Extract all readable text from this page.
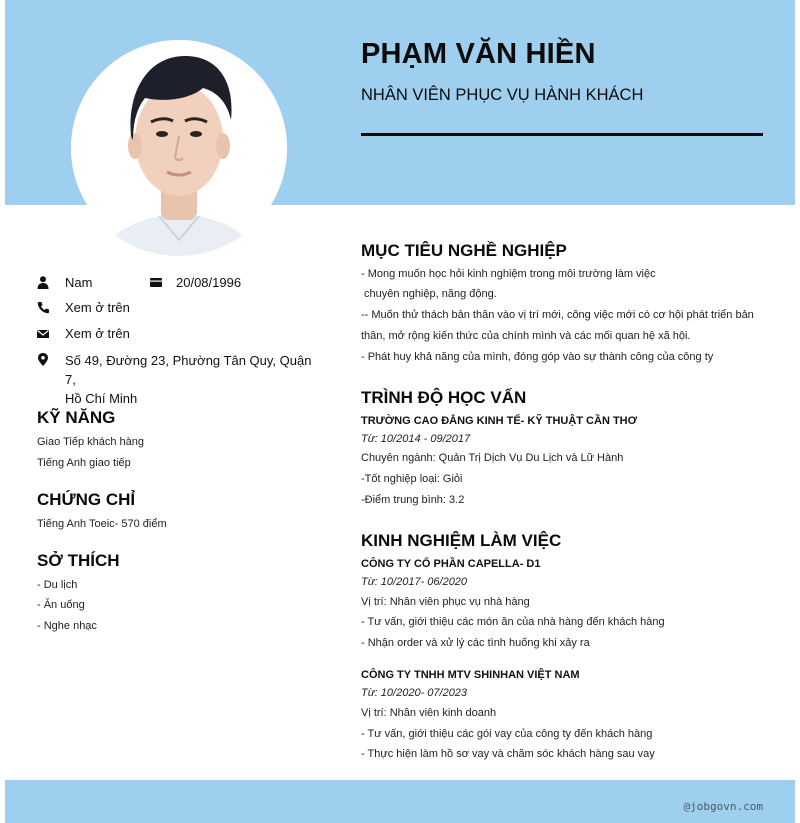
@jobgovn.com
PHẠM VĂN HIỀN
NHÂN VIÊN PHỤC VỤ HÀNH KHÁCH
Nam	20/08/1996
Xem ở trên
Xem ở trên
Số 49, Đường 23, Phường Tân Quy, Quận 7,
Hồ Chí Minh
KỸ NĂNG
Giao Tiếp khách hàng
Tiếng Anh giao tiếp
CHỨNG CHỈ
Tiếng Anh Toeic- 570 điểm
SỞ THÍCH
- Du lịch
- Ăn uống
- Nghe nhạc
MỤC TIÊU NGHỀ NGHIỆP
- Mong muốn học hỏi kinh nghiệm trong môi trường làm việc
chuyên nghiệp, năng động.
-- Muốn thử thách bản thân vào vị trí mới, công việc mới có cơ hội phát triển bản
thân, mở rộng kiến thức của chính mình và các mối quan hệ xã hội.
- Phát huy khả năng của mình, đóng góp vào sự thành công của công ty
TRÌNH ĐỘ HỌC VẤN
TRƯỜNG CAO ĐẲNG KINH TẾ- KỸ THUẬT CẦN THƠ
Từ: 10/2014 - 09/2017
Chuyên ngành: Quản Trị Dịch Vụ Du Lịch và Lữ Hành
-Tốt nghiệp loại: Giỏi
-Điểm trung bình: 3.2
KINH NGHIỆM LÀM VIỆC
CÔNG TY CỔ PHẦN CAPELLA- D1
Từ: 10/2017- 06/2020
Vị trí: Nhân viên phục vụ nhà hàng
- Tư vấn, giới thiệu các món ăn của nhà hàng đến khách hàng
- Nhận order và xử lý các tình huống khi xảy ra
CÔNG TY TNHH MTV SHINHAN VIỆT NAM
Từ: 10/2020- 07/2023
Vị trí: Nhân viên kinh doanh
- Tư vấn, giới thiệu các gói vay của công ty đến khách hàng
- Thực hiện làm hồ sơ vay và chăm sóc khách hàng sau vay
